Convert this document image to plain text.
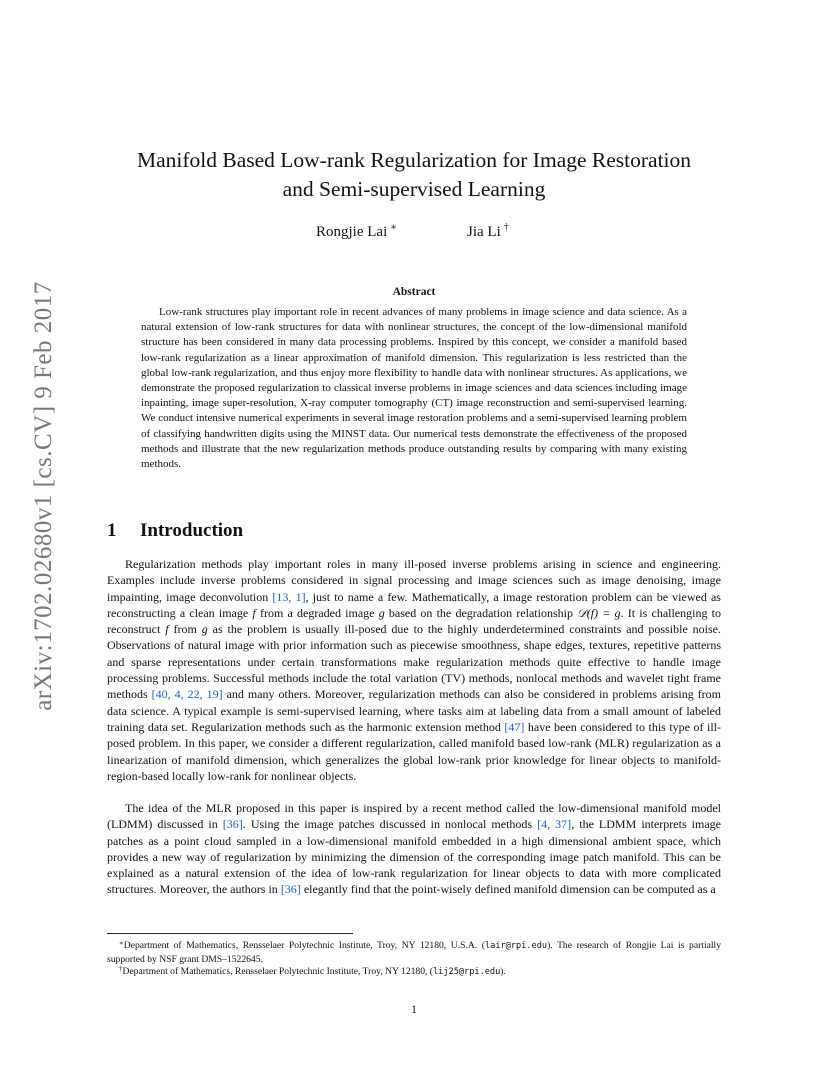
arXiv:1702.02680v1 [cs.CV] 9 Feb 2017
Manifold Based Low-rank Regularization for Image Restoration
and Semi-supervised Learning
Rongjie Lai ∗	Jia Li †
Abstract

Low-rank structures play important role in recent advances of many problems in image science and data science. As a natural extension of low-rank structures for data with nonlinear structures, the concept of the low-dimensional manifold structure has been considered in many data processing problems. Inspired by this concept, we consider a manifold based low-rank regularization as a linear approximation of manifold dimension. This regularization is less restricted than the global low-rank regularization, and thus enjoy more flexibility to handle data with nonlinear structures. As applications, we demonstrate the proposed regularization to classical inverse problems in image sciences and data sciences including image inpainting, image super-resolution, X-ray computer tomography (CT) image reconstruction and semi-supervised learning. We conduct intensive numerical experiments in several image restoration problems and a semi-supervised learning problem of classifying handwritten digits using the MINST data. Our numerical tests demonstrate the effectiveness of the proposed methods and illustrate that the new regularization methods produce outstanding results by comparing with many existing methods.

1 Introduction

Regularization methods play important roles in many ill-posed inverse problems arising in science and engineering. Examples include inverse problems considered in signal processing and image sciences such as image denoising, image impainting, image deconvolution [13, 1], just to name a few. Mathematically, a image restoration problem can be viewed as reconstructing a clean image f from a degraded image g based on the degradation relationship 𝒟(f) = g. It is challenging to reconstruct f from g as the problem is usually ill-posed due to the highly underdetermined constraints and possible noise. Observations of natural image with prior information such as piecewise smoothness, shape edges, textures, repetitive patterns and sparse representations under certain transformations make regularization methods quite effective to handle image processing problems. Successful methods include the total variation (TV) methods, nonlocal methods and wavelet tight frame methods [40, 4, 22, 19] and many others. Moreover, regularization methods can also be considered in problems arising from data science. A typical example is semi-supervised learning, where tasks aim at labeling data from a small amount of labeled training data set. Regularization methods such as the harmonic extension method [47] have been considered to this type of ill-posed problem. In this paper, we consider a different regularization, called manifold based low-rank (MLR) regularization as a linearization of manifold dimension, which generalizes the global low-rank prior knowledge for linear objects to manifold-region-based locally low-rank for nonlinear objects.

The idea of the MLR proposed in this paper is inspired by a recent method called the low-dimensional manifold model (LDMM) discussed in [36]. Using the image patches discussed in nonlocal methods [4, 37], the LDMM interprets image patches as a point cloud sampled in a low-dimensional manifold embedded in a high dimensional ambient space, which provides a new way of regularization by minimizing the dimension of the corresponding image patch manifold. This can be explained as a natural extension of the idea of low-rank regularization for linear objects to data with more complicated structures. Moreover, the authors in [36] elegantly find that the point-wisely defined manifold dimension can be computed as a

∗Department of Mathematics, Rensselaer Polytechnic Institute, Troy, NY 12180, U.S.A. (lair@rpi.edu). The research of Rongjie Lai is partially supported by NSF grant DMS–1522645.

†Department of Mathematics, Rensselaer Polytechnic Institute, Troy, NY 12180, (lij25@rpi.edu).

1
